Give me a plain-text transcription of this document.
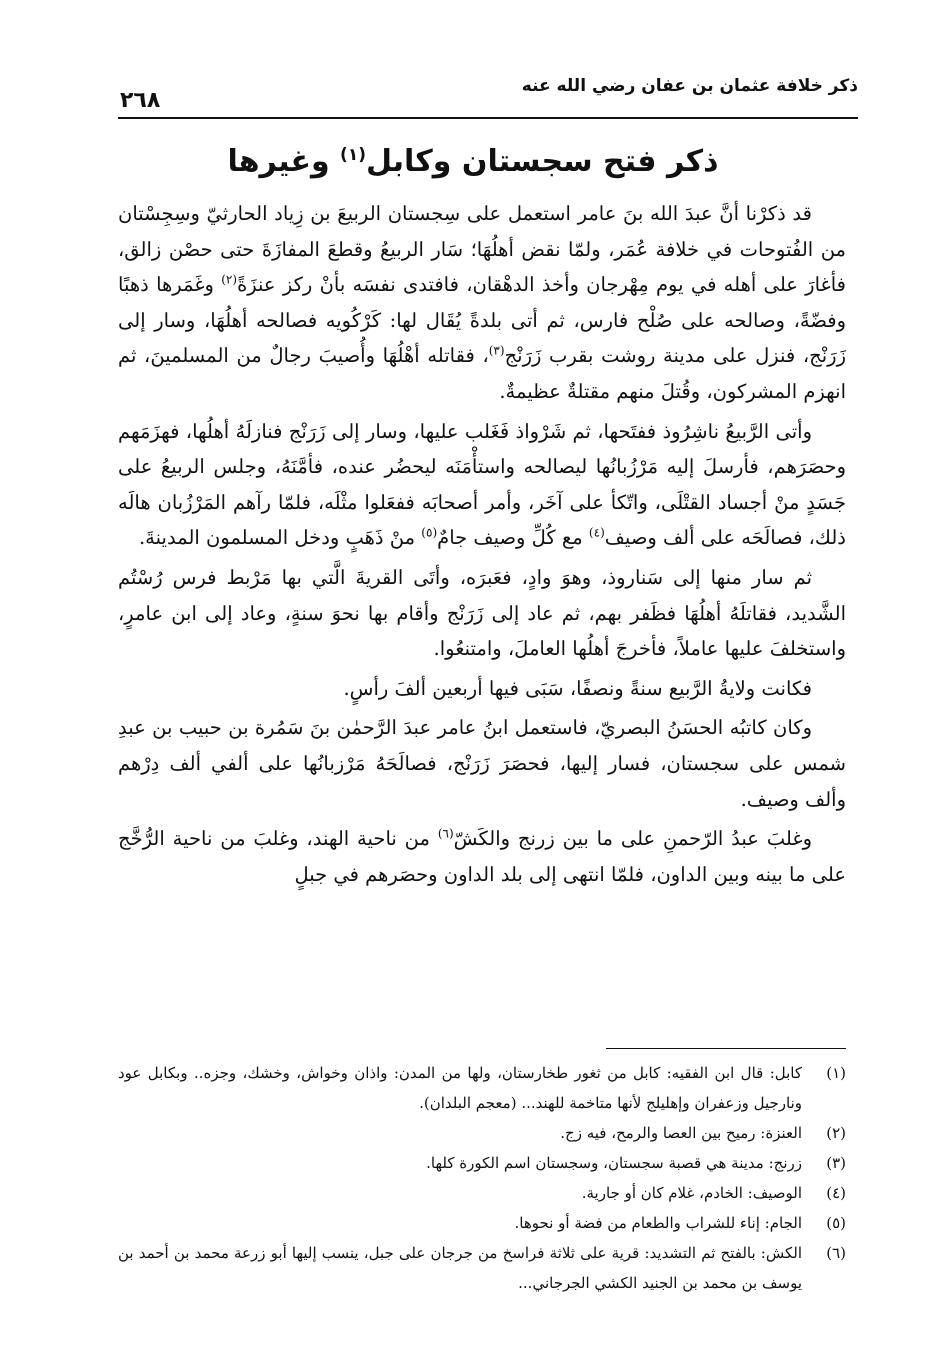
ذكر خلافة عثمان بن عفان رضي الله عنه
٢٦٨
ذكر فتح سجستان وكابل$^{(١)}$ وغيرها

قد ذكرْنا أنَّ عبدَ الله بنَ عامر استعمل على سِجستان الربيعَ بن زِياد الحارثيّ وسِجِسْتان من الفُتوحات في خلافة عُمَر، ولمّا نقض أهلُهَا؛ سَار الربيعُ وقطعَ المفازَةَ حتى حصْن زالق، فأغارَ على أهله في يوم مِهْرجان وأخذ الدهْقان، فافتدى نفسَه بأنْ ركز عنزَةً$^{(٢)}$ وغَمَرها ذهبًا وفضّةً، وصالحه على صُلْح فارس، ثم أتى بلدةً يُقَال لها: كَرْكُويه فصالحه أهلُهَا، وسار إلى زَرَنْج، فنزل على مدينة روشت بقرب زَرَنْج$^{(٣)}$، فقاتله أهْلُهَا وأُصيبَ رجالٌ من المسلمينَ، ثم انهزم المشركون، وقُتلَ منهم مقتلةٌ عظيمةٌ.

وأتى الرَّبيعُ ناشِرُوذ ففتَحها، ثم شَرْواذ فَغَلب عليها، وسار إلى زَرَنْج فنازلَهُ أهلُها، فهزَمَهم وحصَرَهم، فأرسلَ إليه مَرْزُبانُها ليصالحه واستأْمَنَه ليحضُر عنده، فأمَّنَهُ، وجلس الربيعُ على جَسَدٍ منْ أجساد القتْلَى، واتّكأ على آخَر، وأمر أصحابَه ففعَلوا مثْلَه، فلمّا رآهم المَرْزُبان هالَه ذلك، فصالَحَه على ألف وصيف$^{(٤)}$ مع كُلِّ وصيف جامٌ$^{(٥)}$ منْ ذَهَبٍ ودخل المسلمون المدينةَ.

ثم سار منها إلى سَناروذ، وهوَ وادٍ، فعَبرَه، وأتَى القريةَ الَّتي بها مَرْبط فرس رُسْتُم الشَّديد، فقاتلَهُ أهلُهَا فظَفر بهم، ثم عاد إلى زَرَنْج وأقام بها نحوَ سنةٍ، وعاد إلى ابن عامرٍ، واستخلفَ عليها عاملاً، فأخرجَ أهلُها العاملَ، وامتنعُوا.

فكانت ولايةُ الرَّبيع سنةً ونصفًا، سَبَى فيها أربعين ألفَ رأسٍ.

وكان كاتبُه الحسَنُ البصريّ، فاستعمل ابنُ عامر عبدَ الرَّحمٰن بنَ سَمُرة بن حبيب بن عبدِ شمس على سجستان، فسار إليها، فحصَرَ زَرَنْج، فصالَحَهُ مَرْزبانُها على ألفي ألف دِرْهم وألف وصيف.

وغلبَ عبدُ الرّحمنِ على ما بين زرنج والكَشّ$^{(٦)}$ من ناحية الهند، وغلبَ من ناحية الرُّخَّج على ما بينه وبين الداون، فلمّا انتهى إلى بلد الداون وحصَرهم في جبلٍ

(١)
كابل: قال ابن الفقيه: كابل من ثغور طخارستان، ولها من المدن: واذان وخواش، وخشك، وجزه.. وبكابل عود ونارجيل وزعفران وإهليلج لأنها متاخمة للهند... (معجم البلدان).
(٢)
العنزة: رميح بين العصا والرمح، فيه زج.
(٣)
زرنج: مدينة هي قصبة سجستان، وسجستان اسم الكورة كلها.
(٤)
الوصيف: الخادم، غلام كان أو جارية.
(٥)
الجام: إناء للشراب والطعام من فضة أو نحوها.
(٦)
الكش: بالفتح ثم التشديد: قرية على ثلاثة فراسخ من جرجان على جبل، ينسب إليها أبو زرعة محمد بن أحمد بن يوسف بن محمد بن الجنيد الكشي الجرجاني...
